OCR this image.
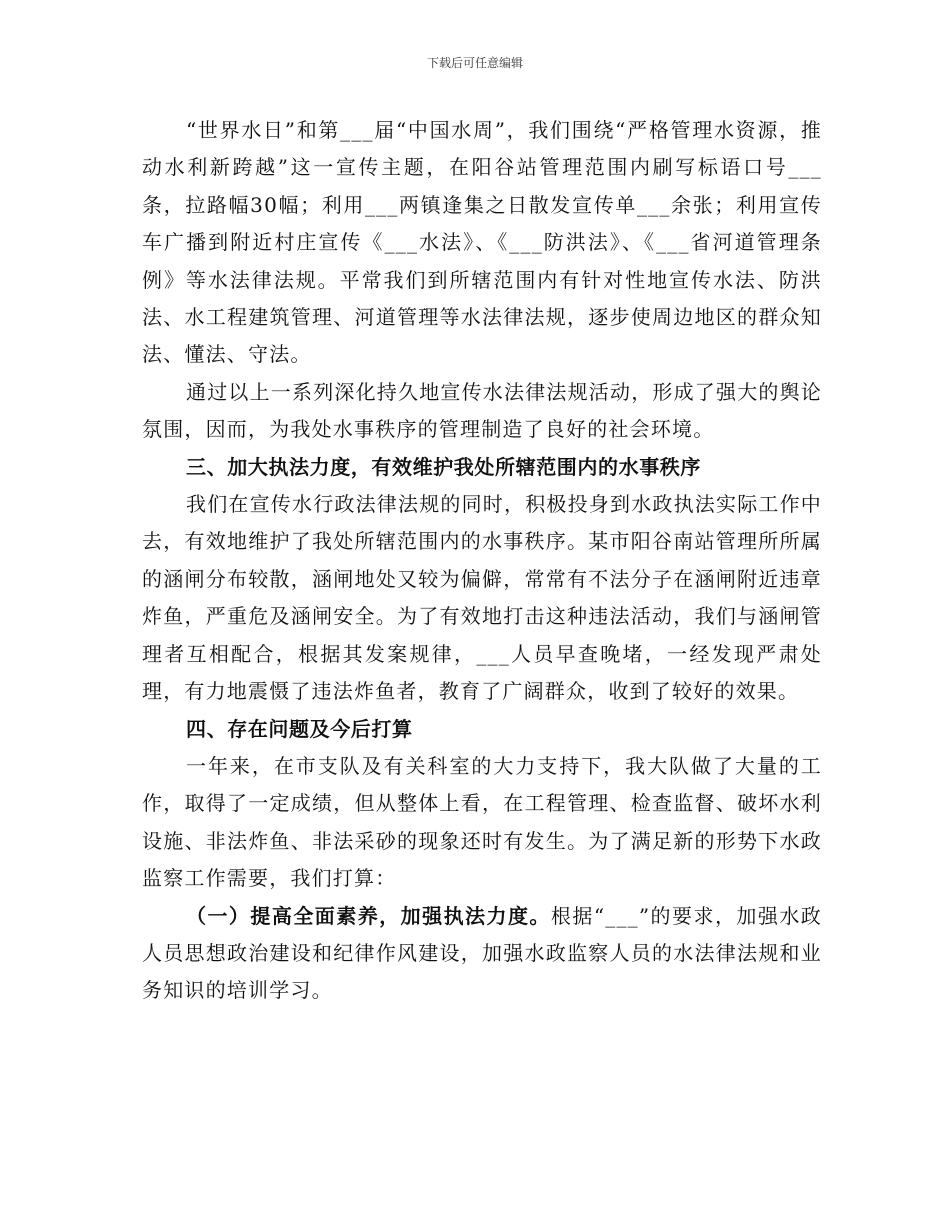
下载后可任意编辑

“世界水日”和第___届“中国水周”，我们围绕“严格管理水资源，推动水利新跨越”这一宣传主题，在阳谷站管理范围内刷写标语口号___条，拉路幅30幅；利用___两镇逢集之日散发宣传单___余张；利用宣传车广播到附近村庄宣传《___水法》、《___防洪法》、《___省河道管理条例》等水法律法规。平常我们到所辖范围内有针对性地宣传水法、防洪法、水工程建筑管理、河道管理等水法律法规，逐步使周边地区的群众知法、懂法、守法。

通过以上一系列深化持久地宣传水法律法规活动，形成了强大的舆论氛围，因而，为我处水事秩序的管理制造了良好的社会环境。

三、加大执法力度，有效维护我处所辖范围内的水事秩序

我们在宣传水行政法律法规的同时，积极投身到水政执法实际工作中去，有效地维护了我处所辖范围内的水事秩序。某市阳谷南站管理所所属的涵闸分布较散，涵闸地处又较为偏僻，常常有不法分子在涵闸附近违章炸鱼，严重危及涵闸安全。为了有效地打击这种违法活动，我们与涵闸管理者互相配合，根据其发案规律，___人员早查晚堵，一经发现严肃处理，有力地震慑了违法炸鱼者，教育了广阔群众，收到了较好的效果。

四、存在问题及今后打算

一年来，在市支队及有关科室的大力支持下，我大队做了大量的工作，取得了一定成绩，但从整体上看，在工程管理、检查监督、破坏水利设施、非法炸鱼、非法采砂的现象还时有发生。为了满足新的形势下水政监察工作需要，我们打算：

（一）提高全面素养，加强执法力度。根据“___”的要求，加强水政人员思想政治建设和纪律作风建设，加强水政监察人员的水法律法规和业务知识的培训学习。
